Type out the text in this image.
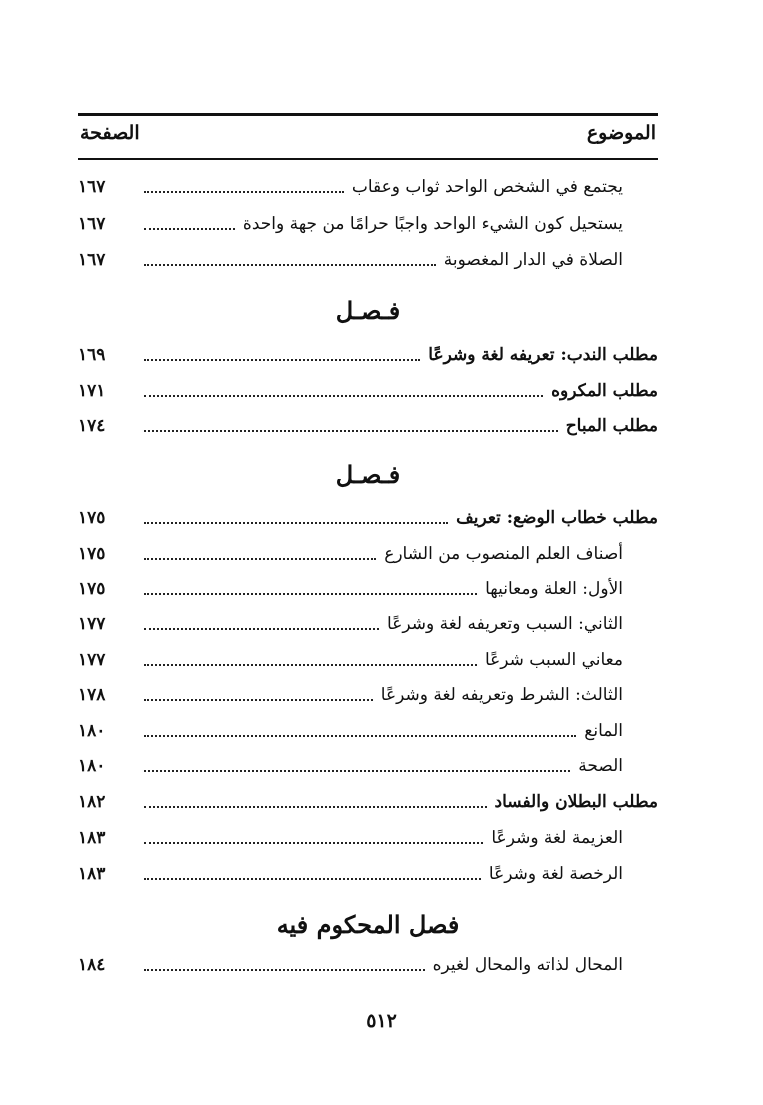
الموضوع
الصفحة
يجتمع في الشخص الواحد ثواب وعقاب
١٦٧
يستحيل كون الشيء الواحد واجبًا حرامًا من جهة واحدة
١٦٧
الصلاة في الدار المغصوبة
١٦٧
مطلب الندب: تعريفه لغة وشرعًا
١٦٩
مطلب المكروه
١٧١
مطلب المباح
١٧٤
مطلب خطاب الوضع: تعريف
١٧٥
أصناف العلم المنصوب من الشارع
١٧٥
الأول: العلة ومعانيها
١٧٥
الثاني: السبب وتعريفه لغة وشرعًا
١٧٧
معاني السبب شرعًا
١٧٧
الثالث: الشرط وتعريفه لغة وشرعًا
١٧٨
المانع
١٨٠
الصحة
١٨٠
مطلب البطلان والفساد
١٨٢
العزيمة لغة وشرعًا
١٨٣
الرخصة لغة وشرعًا
١٨٣
المحال لذاته والمحال لغيره
١٨٤
فـصـل
فـصـل
فصل المحكوم فيه
٥١٢
